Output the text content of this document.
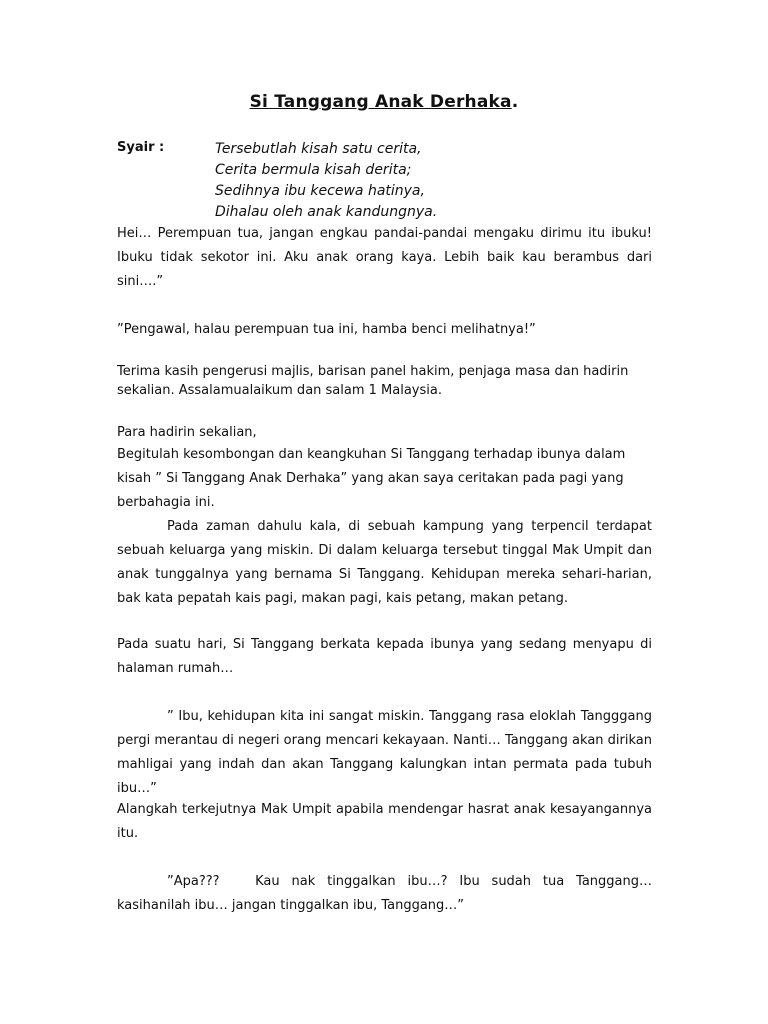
Si Tanggang Anak Derhaka.
Syair :	Tersebutlah kisah satu cerita,
Cerita bermula kisah derita;
Sedihnya ibu kecewa hatinya,
Dihalau oleh anak kandungnya.
Hei… Perempuan tua, jangan engkau pandai-pandai mengaku dirimu itu ibuku! Ibuku tidak sekotor ini. Aku anak orang kaya. Lebih baik kau berambus dari sini….”
”Pengawal, halau perempuan tua ini, hamba benci melihatnya!”
Terima kasih pengerusi majlis, barisan panel hakim, penjaga masa dan hadirin sekalian. Assalamualaikum dan salam 1 Malaysia.
Para hadirin sekalian,
Begitulah kesombongan dan keangkuhan Si Tanggang terhadap ibunya dalam kisah ” Si Tanggang Anak Derhaka” yang akan saya ceritakan pada pagi yang berbahagia ini.
Pada zaman dahulu kala, di sebuah kampung yang terpencil terdapat sebuah keluarga yang miskin. Di dalam keluarga tersebut tinggal Mak Umpit dan anak tunggalnya yang bernama Si Tanggang. Kehidupan mereka sehari-harian, bak kata pepatah kais pagi, makan pagi, kais petang, makan petang.
Pada suatu hari, Si Tanggang berkata kepada ibunya yang sedang menyapu di halaman rumah…
” Ibu, kehidupan kita ini sangat miskin. Tanggang rasa eloklah Tangggang pergi merantau di negeri orang mencari kekayaan. Nanti… Tanggang akan dirikan mahligai yang indah dan akan Tanggang kalungkan intan permata pada tubuh ibu…”
Alangkah terkejutnya Mak Umpit apabila mendengar hasrat anak kesayangannya itu.
”Apa???   Kau nak tinggalkan ibu…? Ibu sudah tua Tanggang… kasihanilah ibu… jangan tinggalkan ibu, Tanggang…”
